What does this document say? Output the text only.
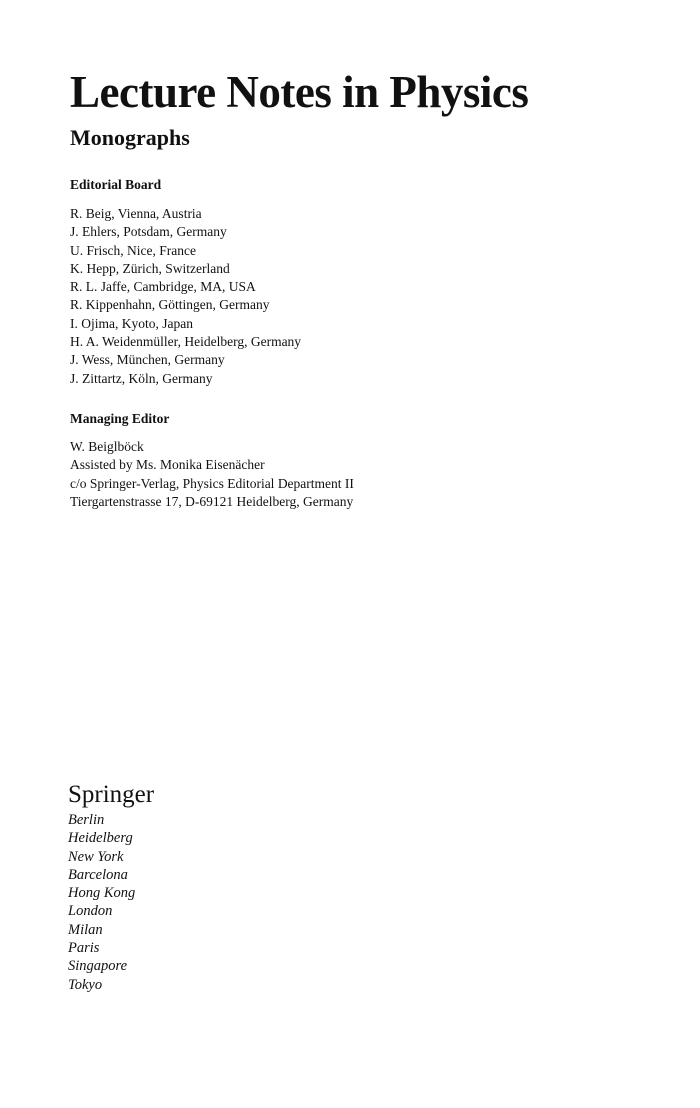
Lecture Notes in Physics
Monographs
Editorial Board
R. Beig, Vienna, Austria
J. Ehlers, Potsdam, Germany
U. Frisch, Nice, France
K. Hepp, Zürich, Switzerland
R. L. Jaffe, Cambridge, MA, USA
R. Kippenhahn, Göttingen, Germany
I. Ojima, Kyoto, Japan
H. A. Weidenmüller, Heidelberg, Germany
J. Wess, München, Germany
J. Zittartz, Köln, Germany
Managing Editor
W. Beiglböck
Assisted by Ms. Monika Eisenächer
c/o Springer-Verlag, Physics Editorial Department II
Tiergartenstrasse 17, D-69121 Heidelberg, Germany
Springer
Berlin
Heidelberg
New York
Barcelona
Hong Kong
London
Milan
Paris
Singapore
Tokyo
